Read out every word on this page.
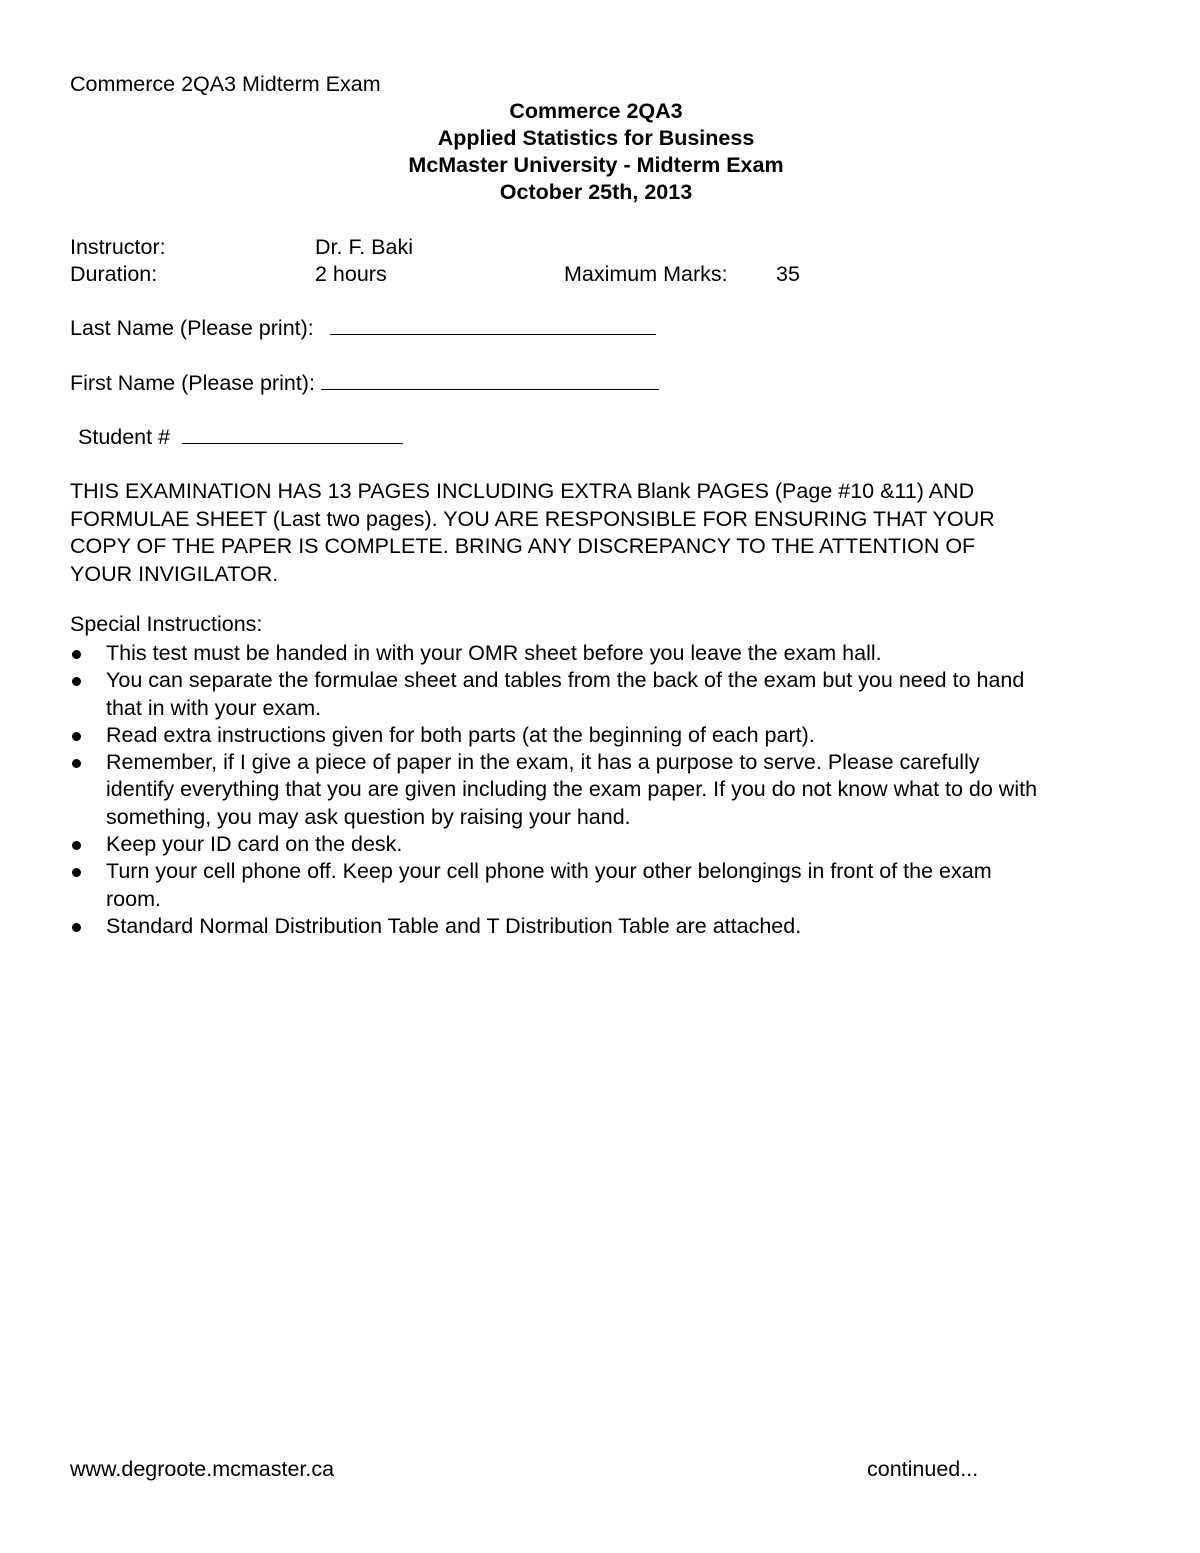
Commerce 2QA3 Midterm Exam
Commerce 2QA3
Applied Statistics for Business
McMaster University - Midterm Exam
October 25th, 2013
Instructor:	Dr. F. Baki
Duration:	2 hours	Maximum Marks: 35
Last Name (Please print):
First Name (Please print):
Student #
THIS EXAMINATION HAS 13 PAGES INCLUDING EXTRA Blank PAGES (Page #10 &11) AND
FORMULAE SHEET (Last two pages). YOU ARE RESPONSIBLE FOR ENSURING THAT YOUR
COPY OF THE PAPER IS COMPLETE. BRING ANY DISCREPANCY TO THE ATTENTION OF
YOUR INVIGILATOR.
Special Instructions:
This test must be handed in with your OMR sheet before you leave the exam hall.
You can separate the formulae sheet and tables from the back of the exam but you need to hand
that in with your exam.
Read extra instructions given for both parts (at the beginning of each part).
Remember, if I give a piece of paper in the exam, it has a purpose to serve. Please carefully
identify everything that you are given including the exam paper. If you do not know what to do with
something, you may ask question by raising your hand.
Keep your ID card on the desk.
Turn your cell phone off. Keep your cell phone with your other belongings in front of the exam
room.
Standard Normal Distribution Table and T Distribution Table are attached.
www.degroote.mcmaster.ca	continued...
